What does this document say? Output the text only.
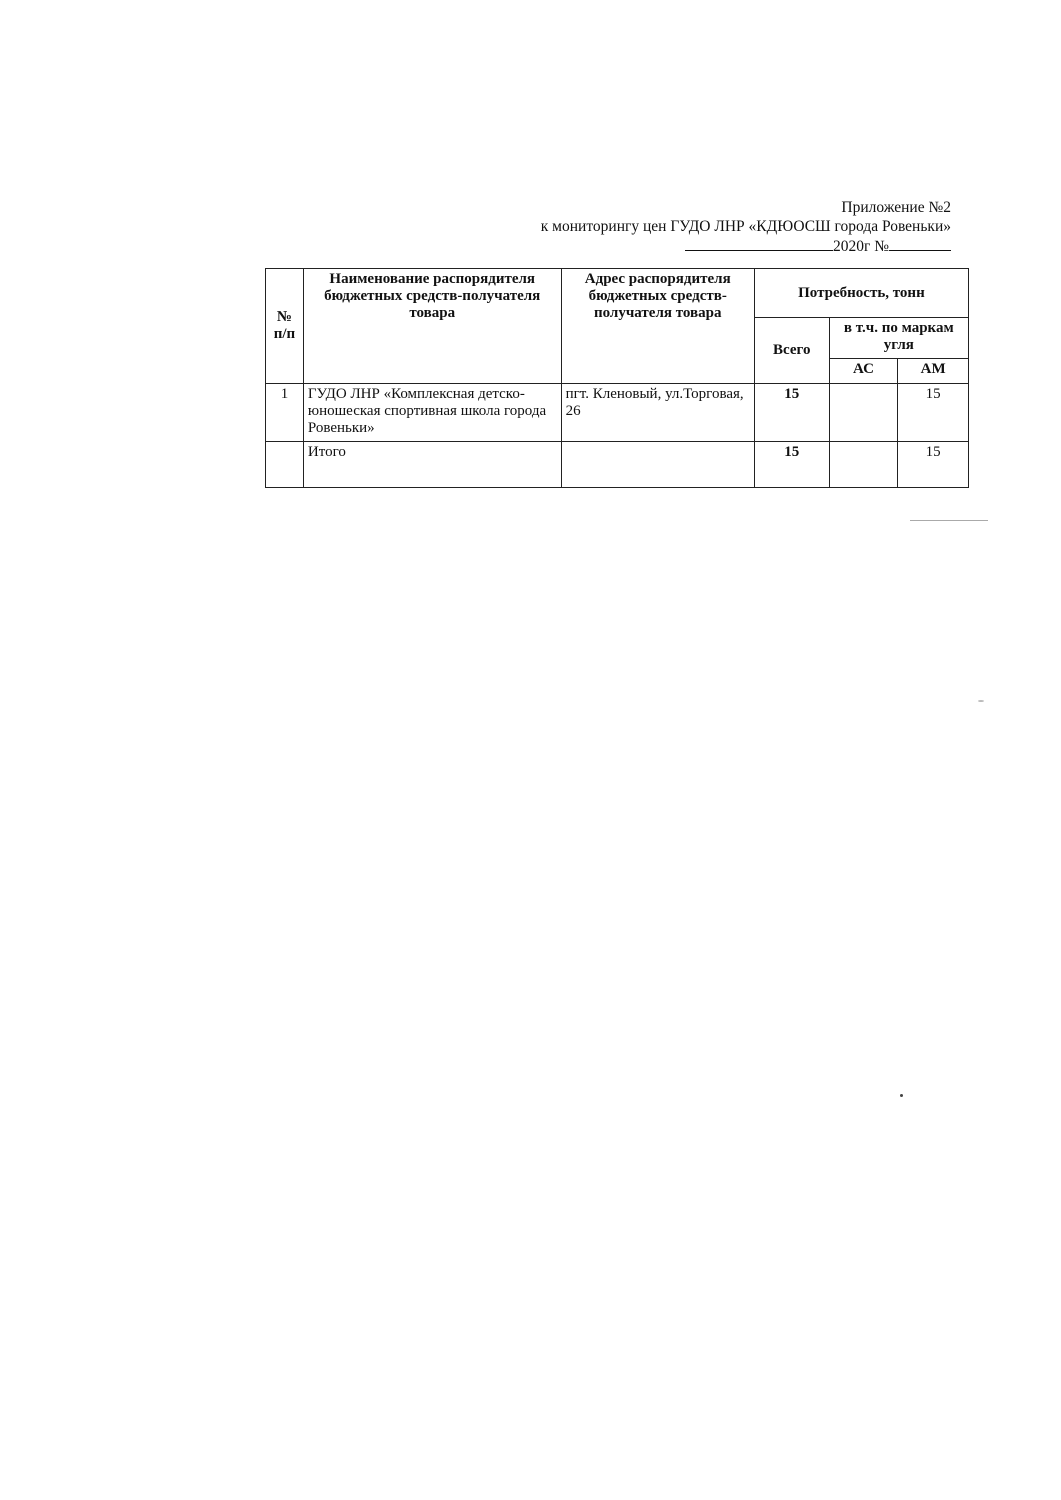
Приложение №2
к мониторингу цен ГУДО ЛНР «КДЮОСШ города Ровеньки»
2020г №
№ п/п	Наименование распорядителя бюджетных средств-получателя товара	Адрес распорядителя бюджетных средств-получателя товара	Потребность, тонн		
			Всего	в т.ч. по маркам угля	
				АС	АМ
1	ГУДО ЛНР «Комплексная детско-юношеская спортивная школа города Ровеньки»	пгт. Кленовый, ул.Торговая, 26	15		15
	Итого		15		15
